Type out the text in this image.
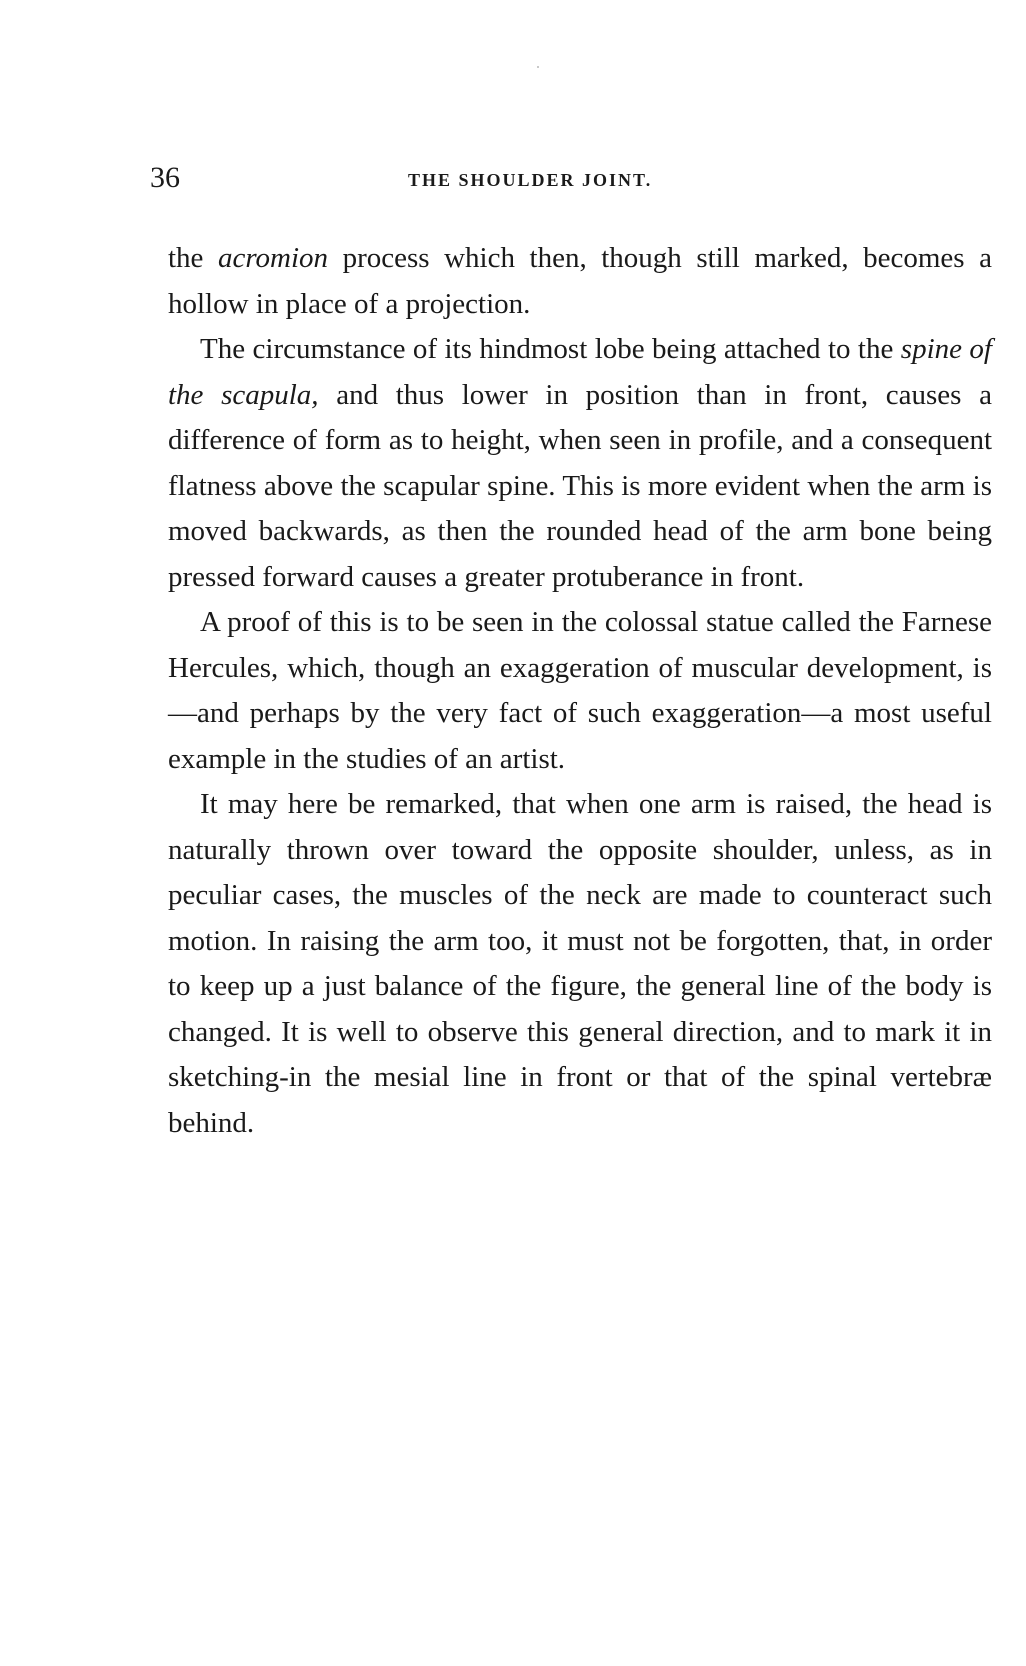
36	THE SHOULDER JOINT.

the acromion process which then, though still marked, becomes a hollow in place of a projection.

The circumstance of its hindmost lobe being attached to the spine of the scapula, and thus lower in position than in front, causes a difference of form as to height, when seen in profile, and a consequent flatness above the scapular spine. This is more evident when the arm is moved backwards, as then the rounded head of the arm bone being pressed forward causes a greater protuberance in front.

A proof of this is to be seen in the colossal statue called the Farnese Hercules, which, though an exaggeration of muscular development, is—and perhaps by the very fact of such exaggeration—a most useful example in the studies of an artist.

It may here be remarked, that when one arm is raised, the head is naturally thrown over toward the opposite shoulder, unless, as in peculiar cases, the muscles of the neck are made to counteract such motion. In raising the arm too, it must not be forgotten, that, in order to keep up a just balance of the figure, the general line of the body is changed. It is well to observe this general direction, and to mark it in sketching-in the mesial line in front or that of the spinal vertebræ behind.
